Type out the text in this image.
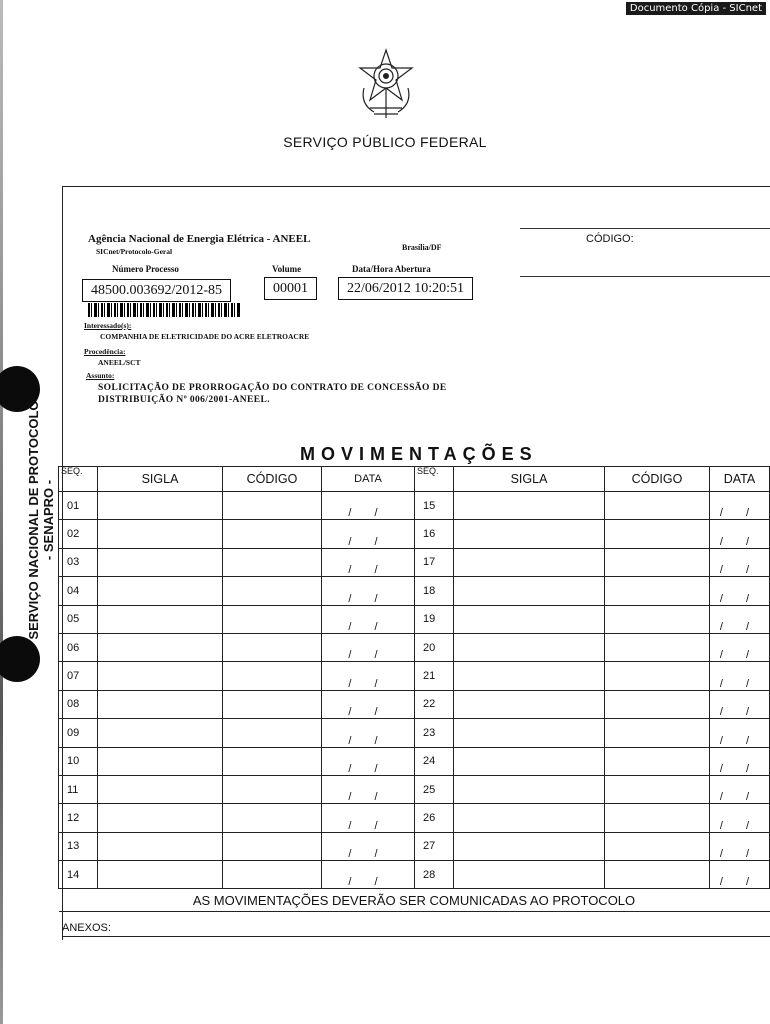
Documento Cópia - SICnet
SERVIÇO NACIONAL DE PROTOCOLO - SENAPRO -
SERVIÇO PÚBLICO FEDERAL
Agência Nacional de Energia Elétrica - ANEEL
SICnet/Protocolo-Geral	Brasília/DF
CÓDIGO:
Número Processo	Volume	Data/Hora Abertura
48500.003692/2012-85	00001	22/06/2012 10:20:51
Interessado(s):
COMPANHIA DE ELETRICIDADE DO ACRE ELETROACRE
Procedência:
ANEEL/SCT
Assunto:
SOLICITAÇÃO DE PRORROGAÇÃO DO CONTRATO DE CONCESSÃO DE
DISTRIBUIÇÃO Nº 006/2001-ANEEL.
MOVIMENTAÇÕES
SEQ.	SIGLA	CÓDIGO	DATA	SEQ.	SIGLA	CÓDIGO	DATA
01			/ /	15			/ /
02			/ /	16			/ /
03			/ /	17			/ /
04			/ /	18			/ /
05			/ /	19			/ /
06			/ /	20			/ /
07			/ /	21			/ /
08			/ /	22			/ /
09			/ /	23			/ /
10			/ /	24			/ /
11			/ /	25			/ /
12			/ /	26			/ /
13			/ /	27			/ /
14			/ /	28			/ /
AS MOVIMENTAÇÕES DEVERÃO SER COMUNICADAS AO PROTOCOLO							
ANEXOS:
